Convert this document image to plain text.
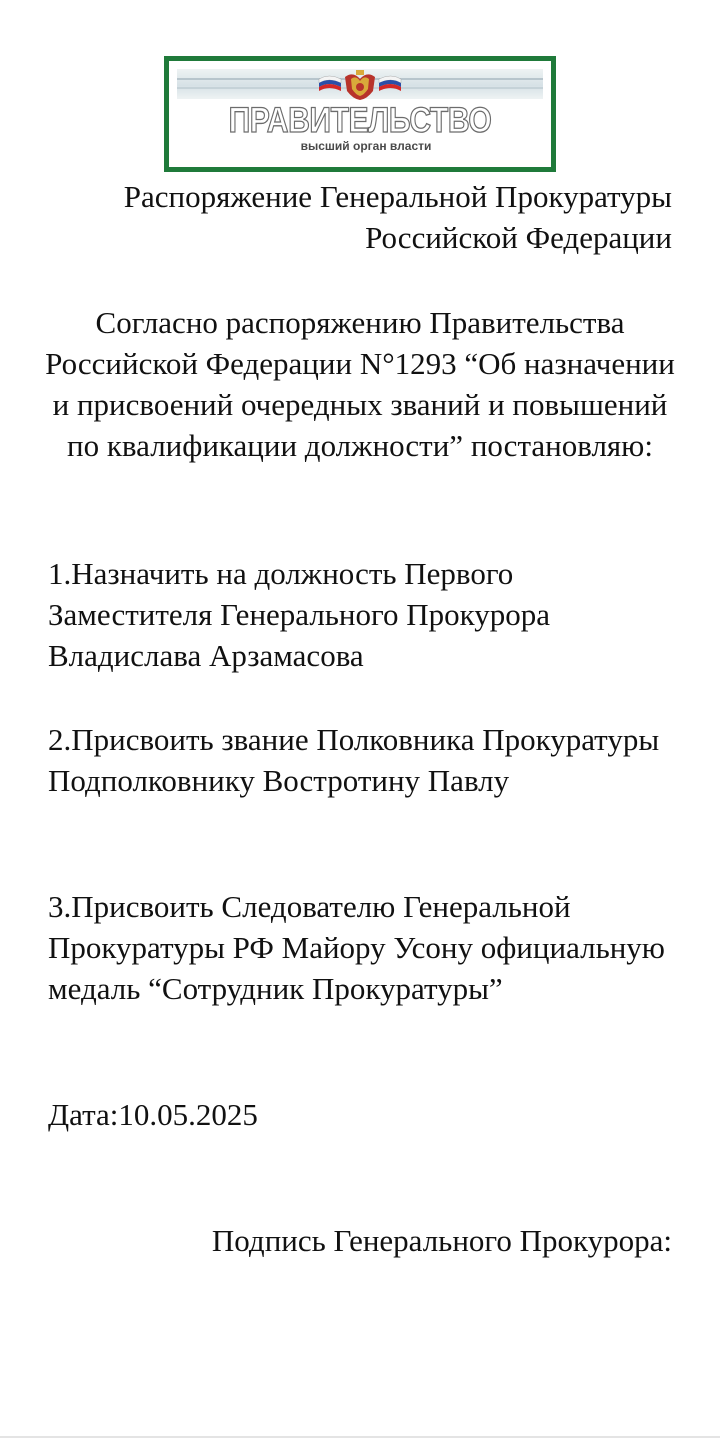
ПРАВИТЕЛЬСТВО
высший орган власти
Распоряжение Генеральной Прокуратуры Российской Федерации
Согласно распоряжению Правительства Российской Федерации N°1293 “Об назначении и присвоений очередных званий и повышений по квалификации должности” постановляю:
1.Назначить на должность Первого Заместителя Генерального Прокурора Владислава Арзамасова
2.Присвоить звание Полковника Прокуратуры Подполковнику Востротину Павлу
3.Присвоить Следователю Генеральной Прокуратуры РФ Майору Усону официальную медаль “Сотрудник Прокуратуры”
Дата:10.05.2025
Подпись Генерального Прокурора:
